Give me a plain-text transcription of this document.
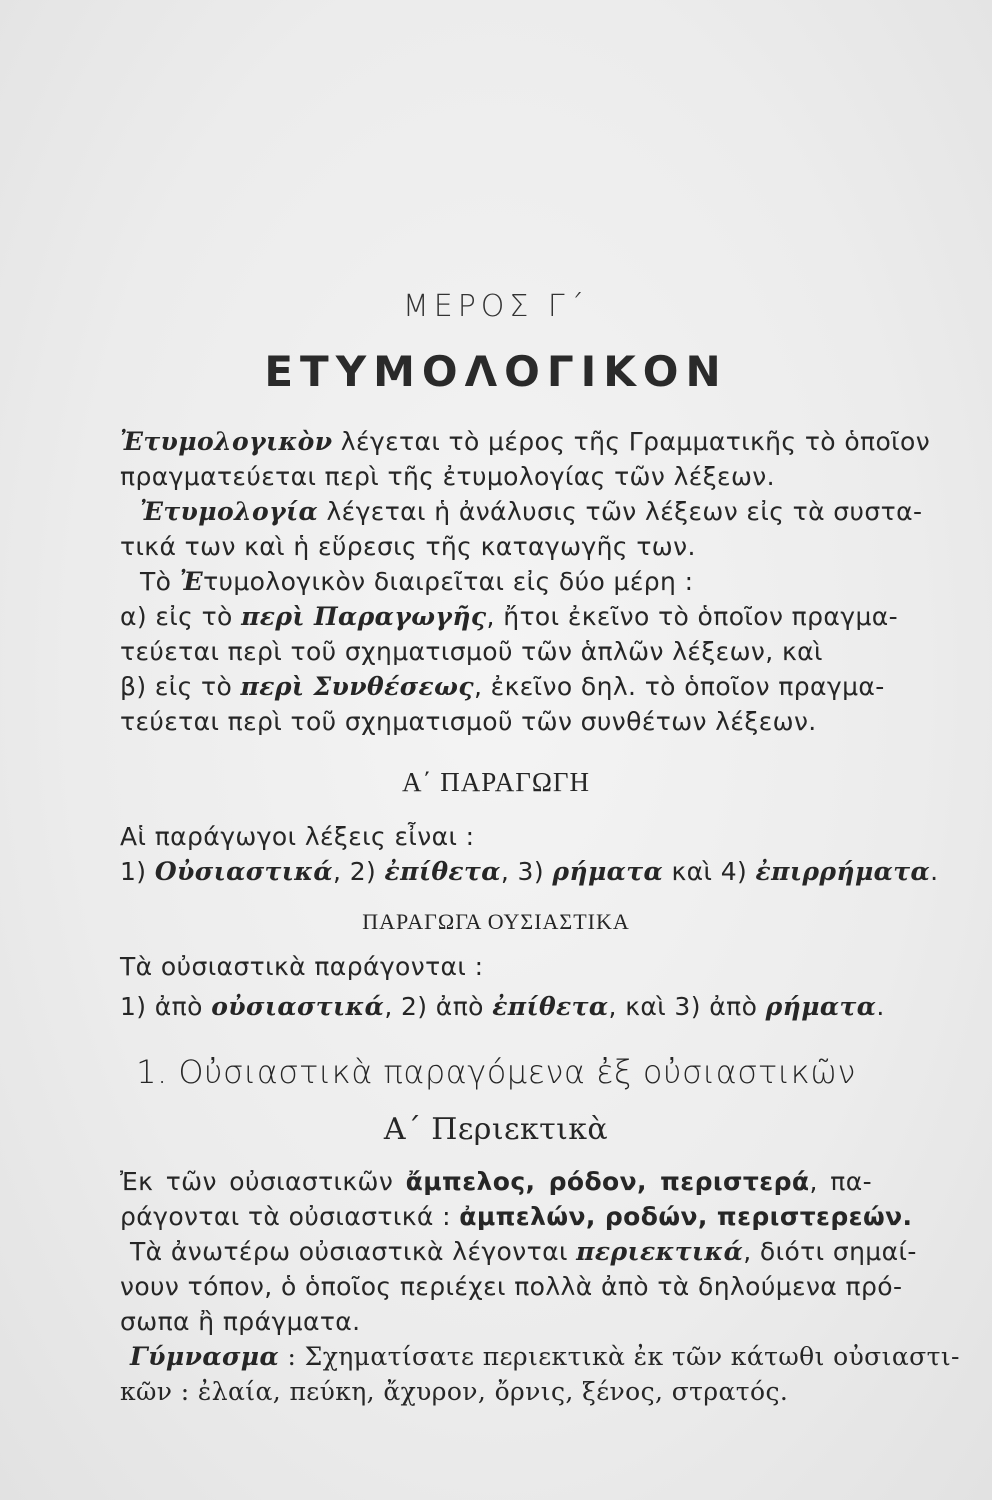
ΜΕΡΟΣ Γ΄
ΕΤΥΜΟΛΟΓΙΚΟΝ
Ἐτυμολογικὸν λέγεται τὸ μέρος τῆς Γραμματικῆς τὸ ὁποῖον
πραγματεύεται περὶ τῆς ἐτυμολογίας τῶν λέξεων.
Ἐτυμολογία λέγεται ἡ ἀνάλυσις τῶν λέξεων εἰς τὰ συστα-
τικά των καὶ ἡ εὕρεσις τῆς καταγωγῆς των.
Τὸ Ἐτυμολογικὸν διαιρεῖται εἰς δύο μέρη :
α) εἰς τὸ περὶ Παραγωγῆς, ἤτοι ἐκεῖνο τὸ ὁποῖον πραγμα-
τεύεται περὶ τοῦ σχηματισμοῦ τῶν ἁπλῶν λέξεων, καὶ
β) εἰς τὸ περὶ Συνθέσεως, ἐκεῖνο δηλ. τὸ ὁποῖον πραγμα-
τεύεται περὶ τοῦ σχηματισμοῦ τῶν συνθέτων λέξεων.
Α΄ ΠΑΡΑΓΩΓΗ
Αἱ παράγωγοι λέξεις εἶναι :
1) Οὐσιαστικά, 2) ἐπίθετα, 3) ρήματα καὶ 4) ἐπιρρήματα.
ΠΑΡΑΓΩΓΑ ΟΥΣΙΑΣΤΙΚΑ
Τὰ οὐσιαστικὰ παράγονται :
1) ἀπὸ οὐσιαστικά, 2) ἀπὸ ἐπίθετα, καὶ 3) ἀπὸ ρήματα.
1. Οὐσιαστικὰ παραγόμενα ἐξ οὐσιαστικῶν
Α΄ Περιεκτικὰ
Ἐκ τῶν οὐσιαστικῶν ἄμπελος, ρόδον, περιστερά, πα-
ράγονται τὰ οὐσιαστικά : ἀμπελών, ροδών, περιστερεών.
Τὰ ἀνωτέρω οὐσιαστικὰ λέγονται περιεκτικά, διότι σημαί-
νουν τόπον, ὁ ὁποῖος περιέχει πολλὰ ἀπὸ τὰ δηλούμενα πρό-
σωπα ἢ πράγματα.
Γύμνασμα : Σχηματίσατε περιεκτικὰ ἐκ τῶν κάτωθι οὐσιαστι-
κῶν : ἐλαία, πεύκη, ἄχυρον, ὄρνις, ξένος, στρατός.
